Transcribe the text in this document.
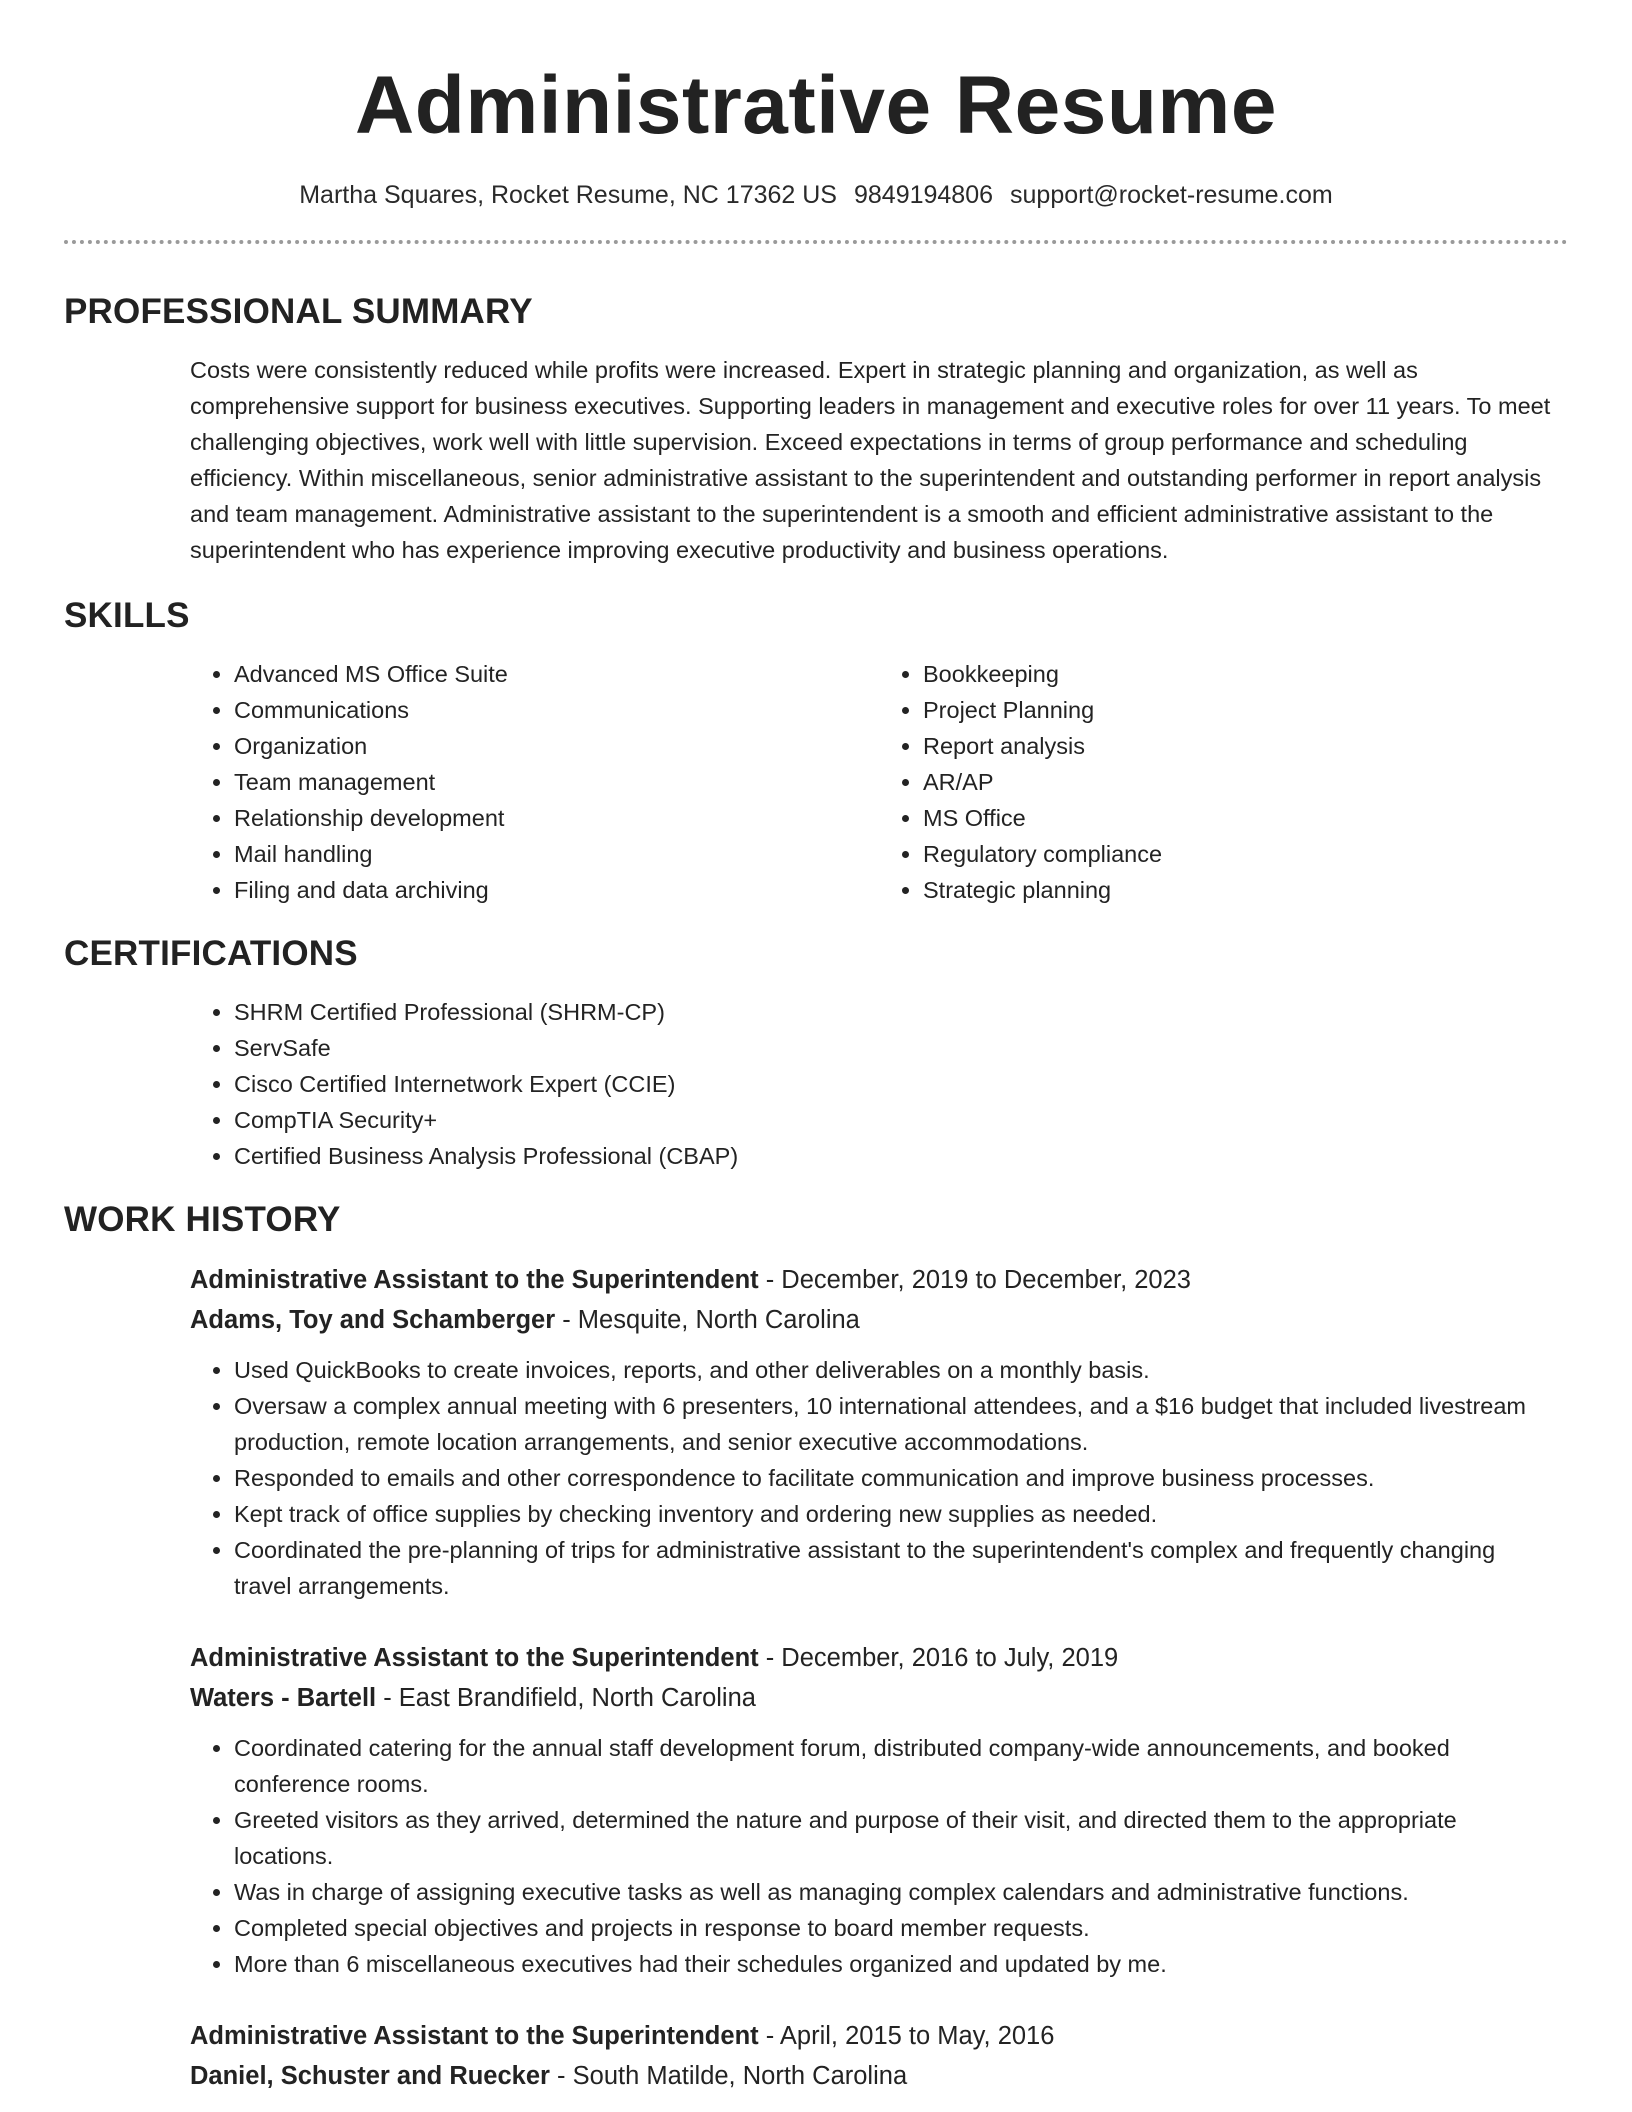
Administrative Resume
Martha Squares, Rocket Resume, NC 17362 US 9849194806 support@rocket-resume.com
PROFESSIONAL SUMMARY
Costs were consistently reduced while profits were increased. Expert in strategic planning and organization, as well as comprehensive support for business executives. Supporting leaders in management and executive roles for over 11 years. To meet challenging objectives, work well with little supervision. Exceed expectations in terms of group performance and scheduling efficiency. Within miscellaneous, senior administrative assistant to the superintendent and outstanding performer in report analysis and team management. Administrative assistant to the superintendent is a smooth and efficient administrative assistant to the superintendent who has experience improving executive productivity and business operations.
SKILLS
• Advanced MS Office Suite
• Communications
• Organization
• Team management
• Relationship development
• Mail handling
• Filing and data archiving
• Bookkeeping
• Project Planning
• Report analysis
• AR/AP
• MS Office
• Regulatory compliance
• Strategic planning
CERTIFICATIONS
• SHRM Certified Professional (SHRM-CP)
• ServSafe
• Cisco Certified Internetwork Expert (CCIE)
• CompTIA Security+
• Certified Business Analysis Professional (CBAP)
WORK HISTORY
Administrative Assistant to the Superintendent - December, 2019 to December, 2023
Adams, Toy and Schamberger - Mesquite, North Carolina
• Used QuickBooks to create invoices, reports, and other deliverables on a monthly basis.
• Oversaw a complex annual meeting with 6 presenters, 10 international attendees, and a $16 budget that included livestream production, remote location arrangements, and senior executive accommodations.
• Responded to emails and other correspondence to facilitate communication and improve business processes.
• Kept track of office supplies by checking inventory and ordering new supplies as needed.
• Coordinated the pre-planning of trips for administrative assistant to the superintendent's complex and frequently changing travel arrangements.
Administrative Assistant to the Superintendent - December, 2016 to July, 2019
Waters - Bartell - East Brandifield, North Carolina
• Coordinated catering for the annual staff development forum, distributed company-wide announcements, and booked conference rooms.
• Greeted visitors as they arrived, determined the nature and purpose of their visit, and directed them to the appropriate locations.
• Was in charge of assigning executive tasks as well as managing complex calendars and administrative functions.
• Completed special objectives and projects in response to board member requests.
• More than 6 miscellaneous executives had their schedules organized and updated by me.
Administrative Assistant to the Superintendent - April, 2015 to May, 2016
Daniel, Schuster and Ruecker - South Matilde, North Carolina
